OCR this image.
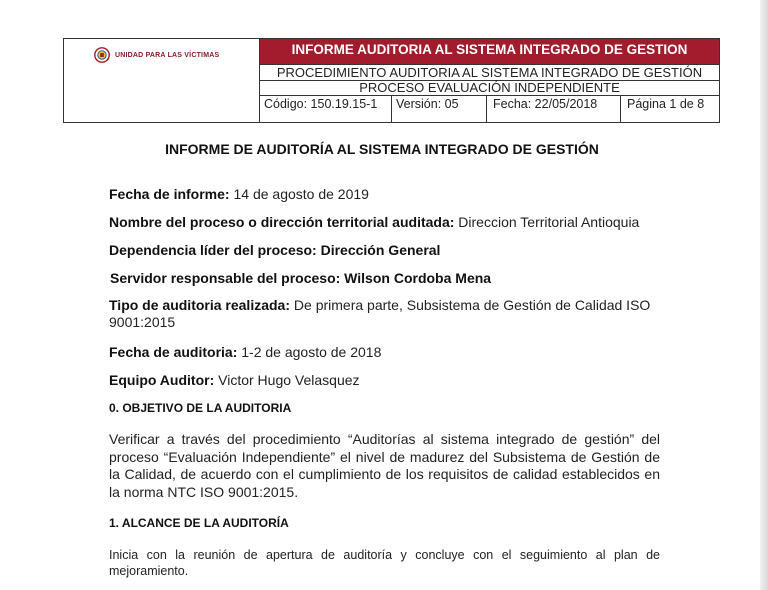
UNIDAD PARA LAS VÍCTIMAS	INFORME AUDITORIA AL SISTEMA INTEGRADO DE GESTION
PROCEDIMIENTO AUDITORIA AL SISTEMA INTEGRADO DE GESTIÓN
PROCESO EVALUACIÓN INDEPENDIENTE
Código: 150.19.15-1	Versión: 05	Fecha: 22/05/2018	Página 1 de 8
INFORME DE AUDITORÍA AL SISTEMA INTEGRADO DE GESTIÓN
Fecha de informe: 14 de agosto de 2019
Nombre del proceso o dirección territorial auditada: Direccion Territorial Antioquia
Dependencia líder del proceso: Dirección General
Servidor responsable del proceso: Wilson Cordoba Mena
Tipo de auditoria realizada: De primera parte, Subsistema de Gestión de Calidad ISO 9001:2015
Fecha de auditoria: 1-2 de agosto de 2018
Equipo Auditor: Victor Hugo Velasquez
0. OBJETIVO DE LA AUDITORIA
Verificar a través del procedimiento “Auditorías al sistema integrado de gestión” del proceso “Evaluación Independiente” el nivel de madurez del Subsistema de Gestión de la Calidad, de acuerdo con el cumplimiento de los requisitos de calidad establecidos en la norma NTC ISO 9001:2015.
1. ALCANCE DE LA AUDITORÍA
Inicia con la reunión de apertura de auditoría y concluye con el seguimiento al plan de mejoramiento.
